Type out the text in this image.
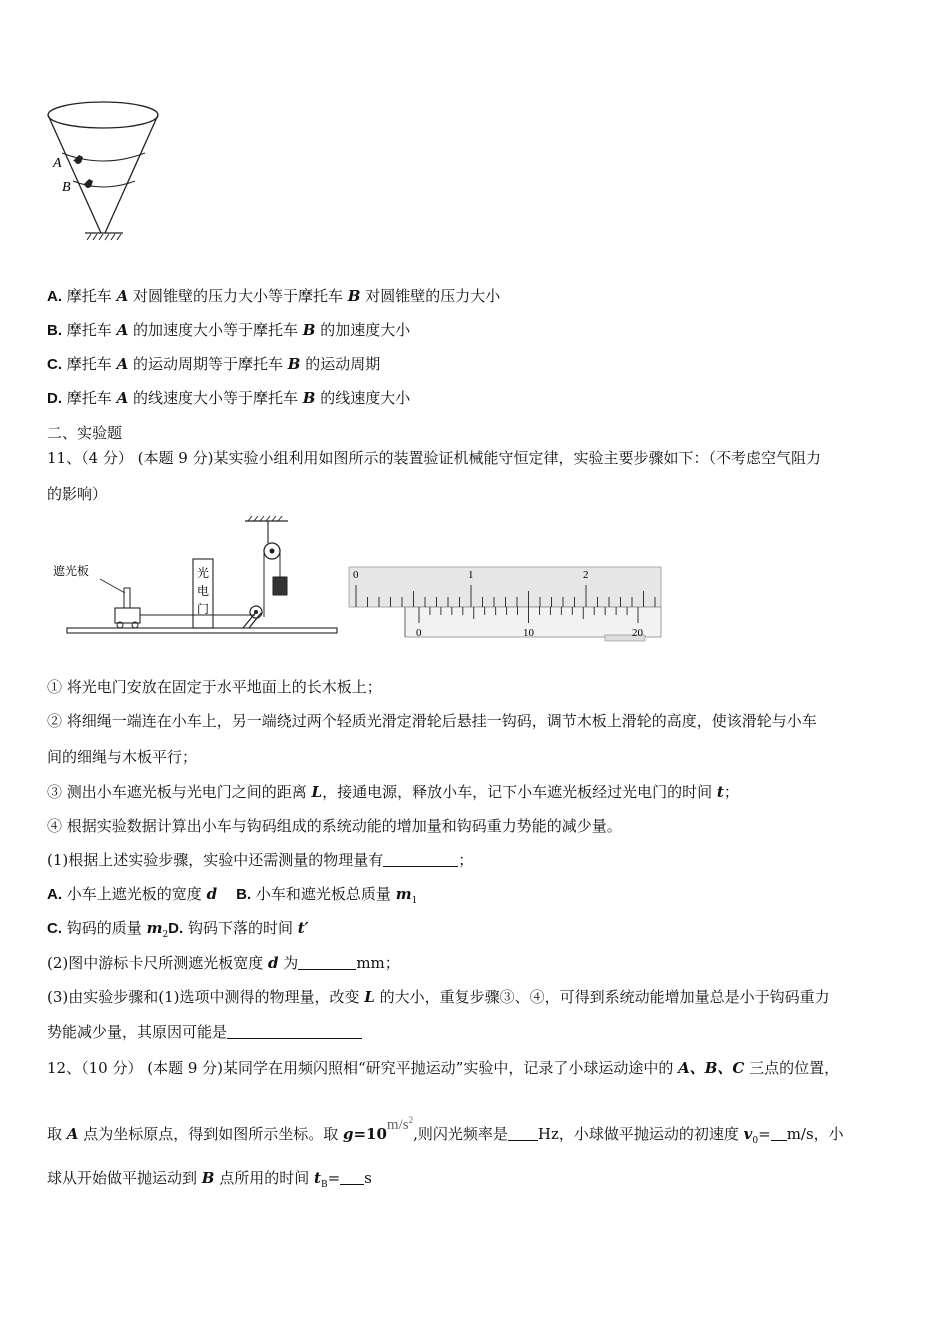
A
B
A. 摩托车 A 对圆锥壁的压力大小等于摩托车 B 对圆锥壁的压力大小
B. 摩托车 A 的加速度大小等于摩托车 B 的加速度大小
C. 摩托车 A 的运动周期等于摩托车 B 的运动周期
D. 摩托车 A 的线速度大小等于摩托车 B 的线速度大小
二、实验题
11、（4 分） (本题 9 分)某实验小组利用如图所示的装置验证机械能守恒定律，实验主要步骤如下：（不考虑空气阻力
的影响）
遮光板	光
电
门
0	1	2
0	10	20
① 将光电门安放在固定于水平地面上的长木板上；
② 将细绳一端连在小车上，另一端绕过两个轻质光滑定滑轮后悬挂一钩码，调节木板上滑轮的高度，使该滑轮与小车
间的细绳与木板平行；
③ 测出小车遮光板与光电门之间的距离 L，接通电源，释放小车，记下小车遮光板经过光电门的时间 t；
④ 根据实验数据计算出小车与钩码组成的系统动能的增加量和钩码重力势能的减少量。
(1)根据上述实验步骤，实验中还需测量的物理量有	；
A. 小车上遮光板的宽度 d B. 小车和遮光板总质量 $m_1$
C. 钩码的质量 $m_2D$. 钩码下落的时间 t′
(2)图中游标卡尺所测遮光板宽度 d 为	mm；
(3)由实验步骤和(1)选项中测得的物理量，改变 L 的大小，重复步骤③、④，可得到系统动能增加量总是小于钩码重力
势能减少量，其原因可能是
12、（10 分） (本题 9 分)某同学在用频闪照相“研究平抛运动”实验中，记录了小球运动途中的 A、B、C 三点的位置，
取 A 点为坐标原点，得到如图所示坐标。取 $g=10m/s^2$,则闪光频率是 Hz，小球做平抛运动的初速度 $v_0= m/s$，小
球从开始做平抛运动到 B 点所用的时间 $t_B= s$
